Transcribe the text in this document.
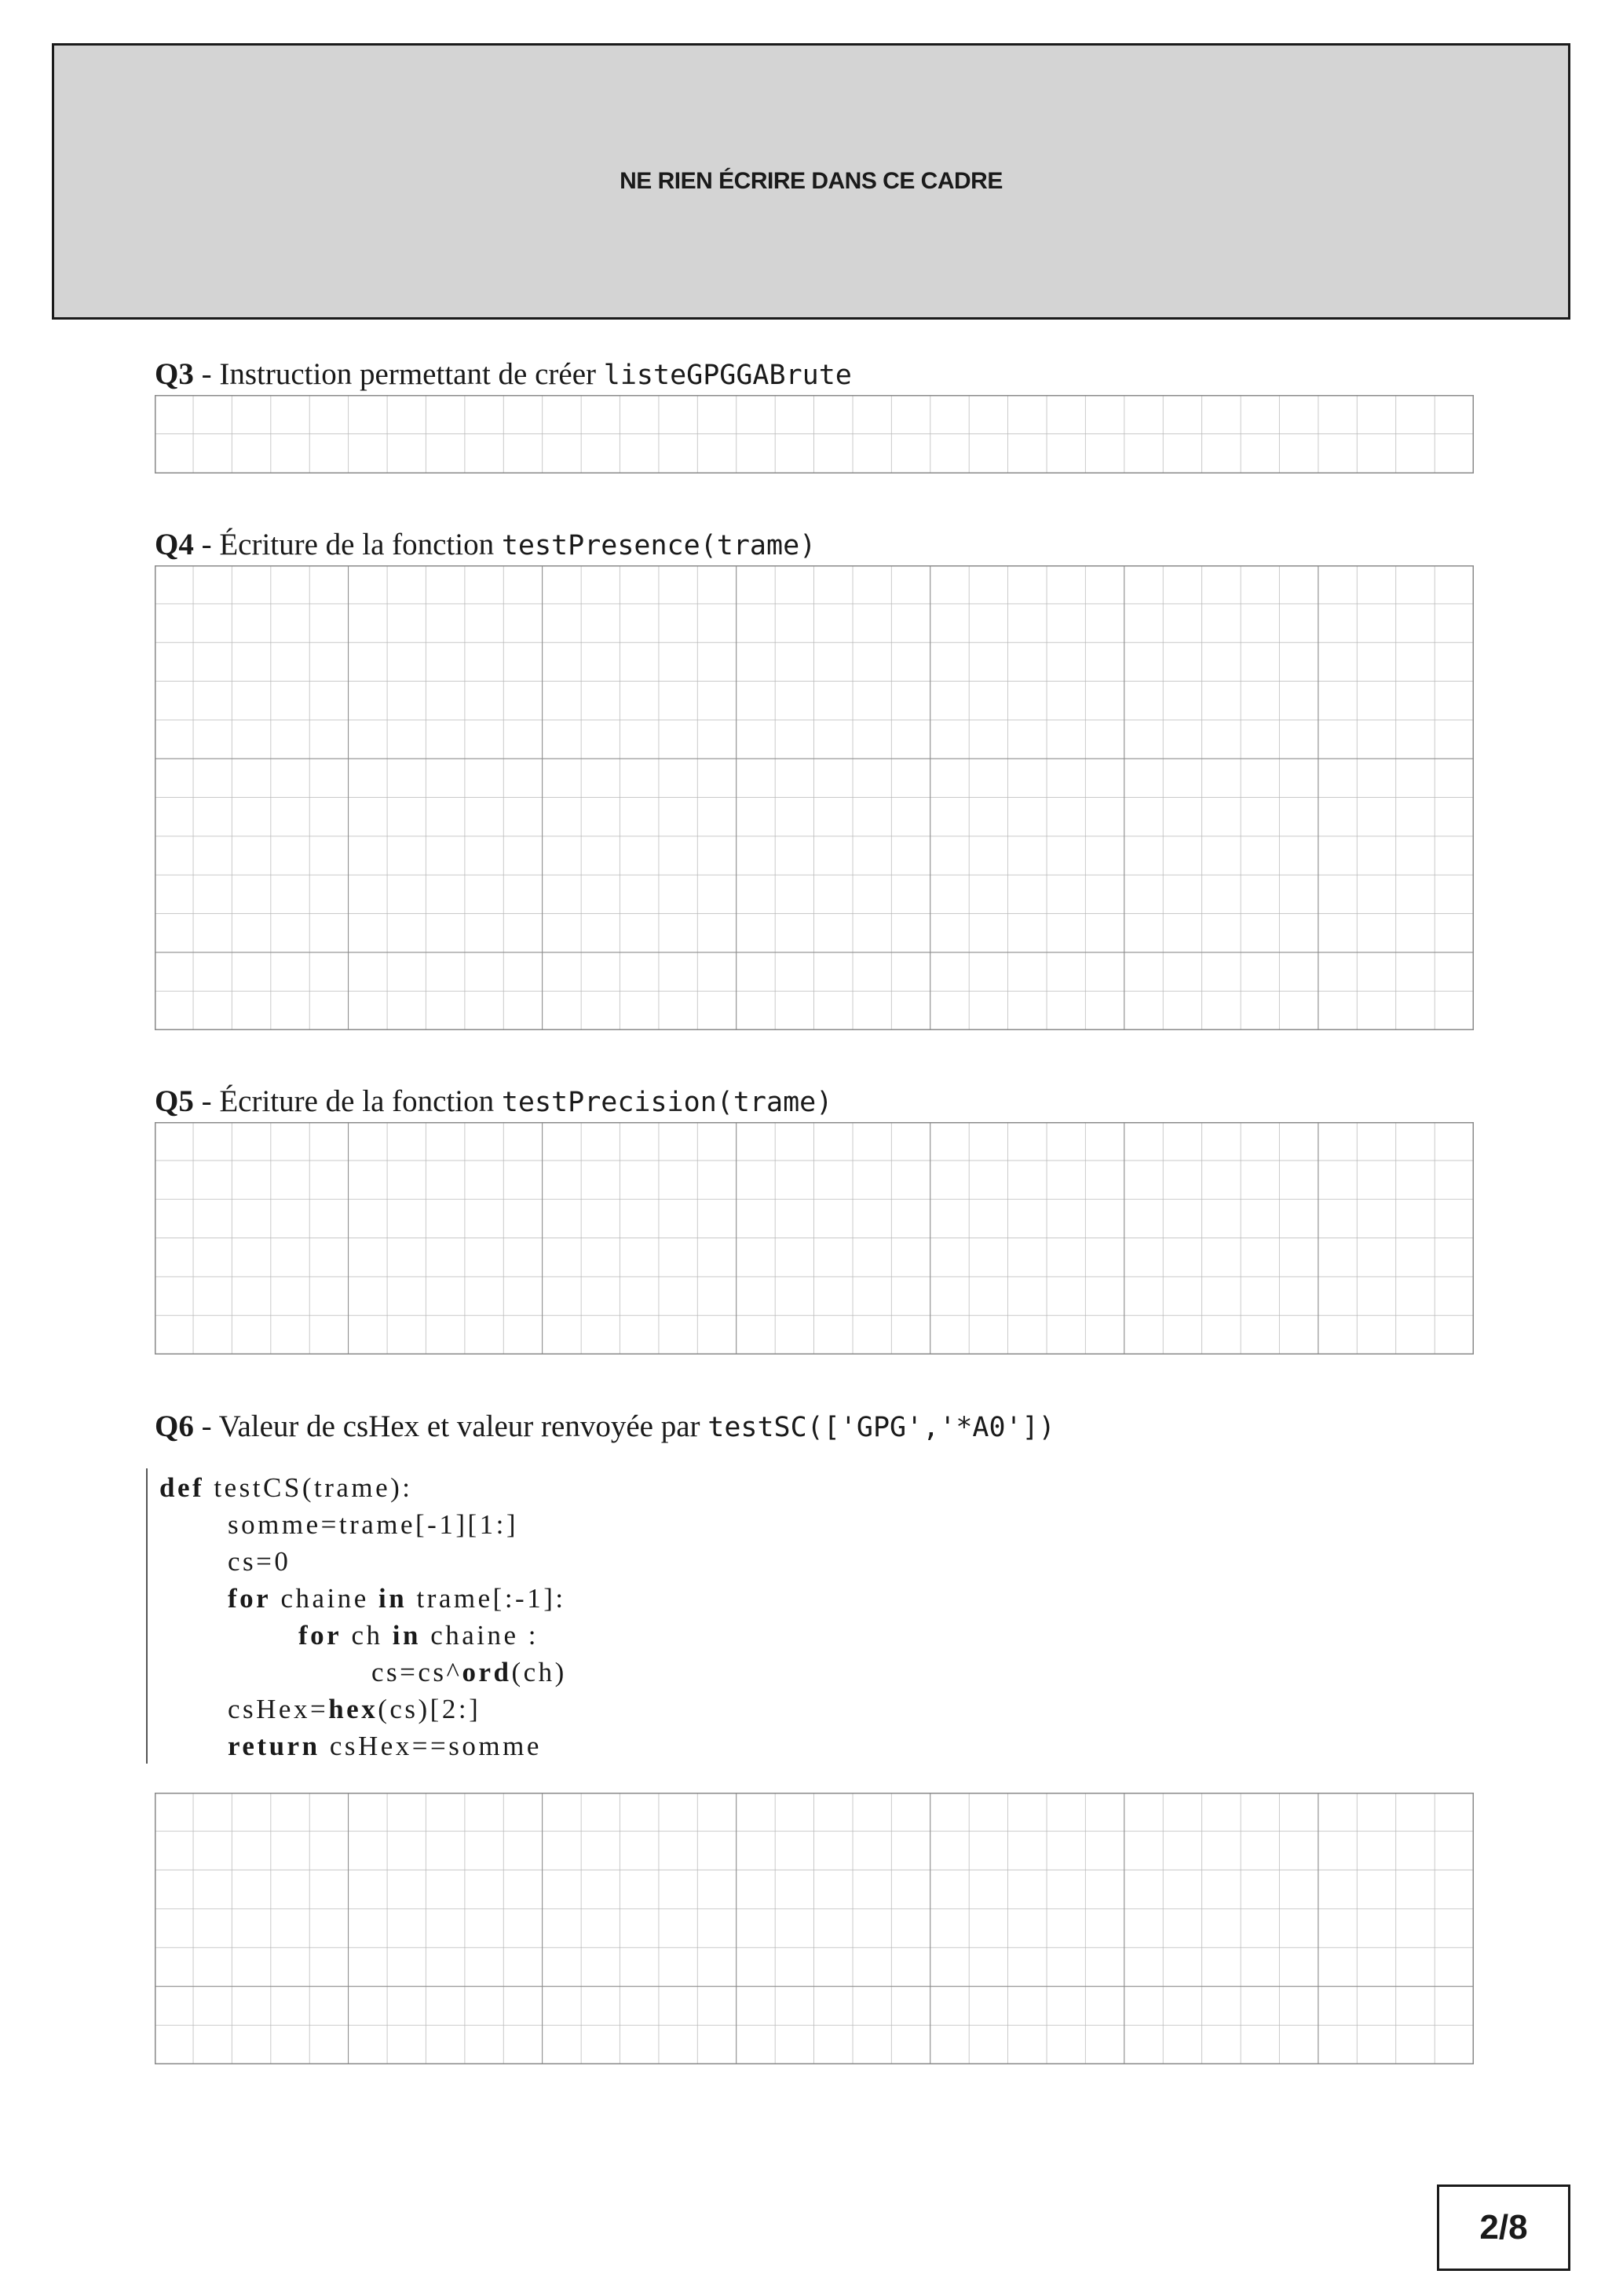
NE RIEN ÉCRIRE DANS CE CADRE
Q3 - Instruction permettant de créer listeGPGGABrute
Q4 - Écriture de la fonction testPresence(trame)
Q5 - Écriture de la fonction testPrecision(trame)
Q6 - Valeur de csHex et valeur renvoyée par testSC(['GPG','*A0'])
def testCS(trame):
somme=trame[-1][1:]
cs=0
for chaine in trame[:-1]:
for ch in chaine :
cs=cs^ord(ch)
csHex=hex(cs)[2:]
return csHex==somme
2/8
